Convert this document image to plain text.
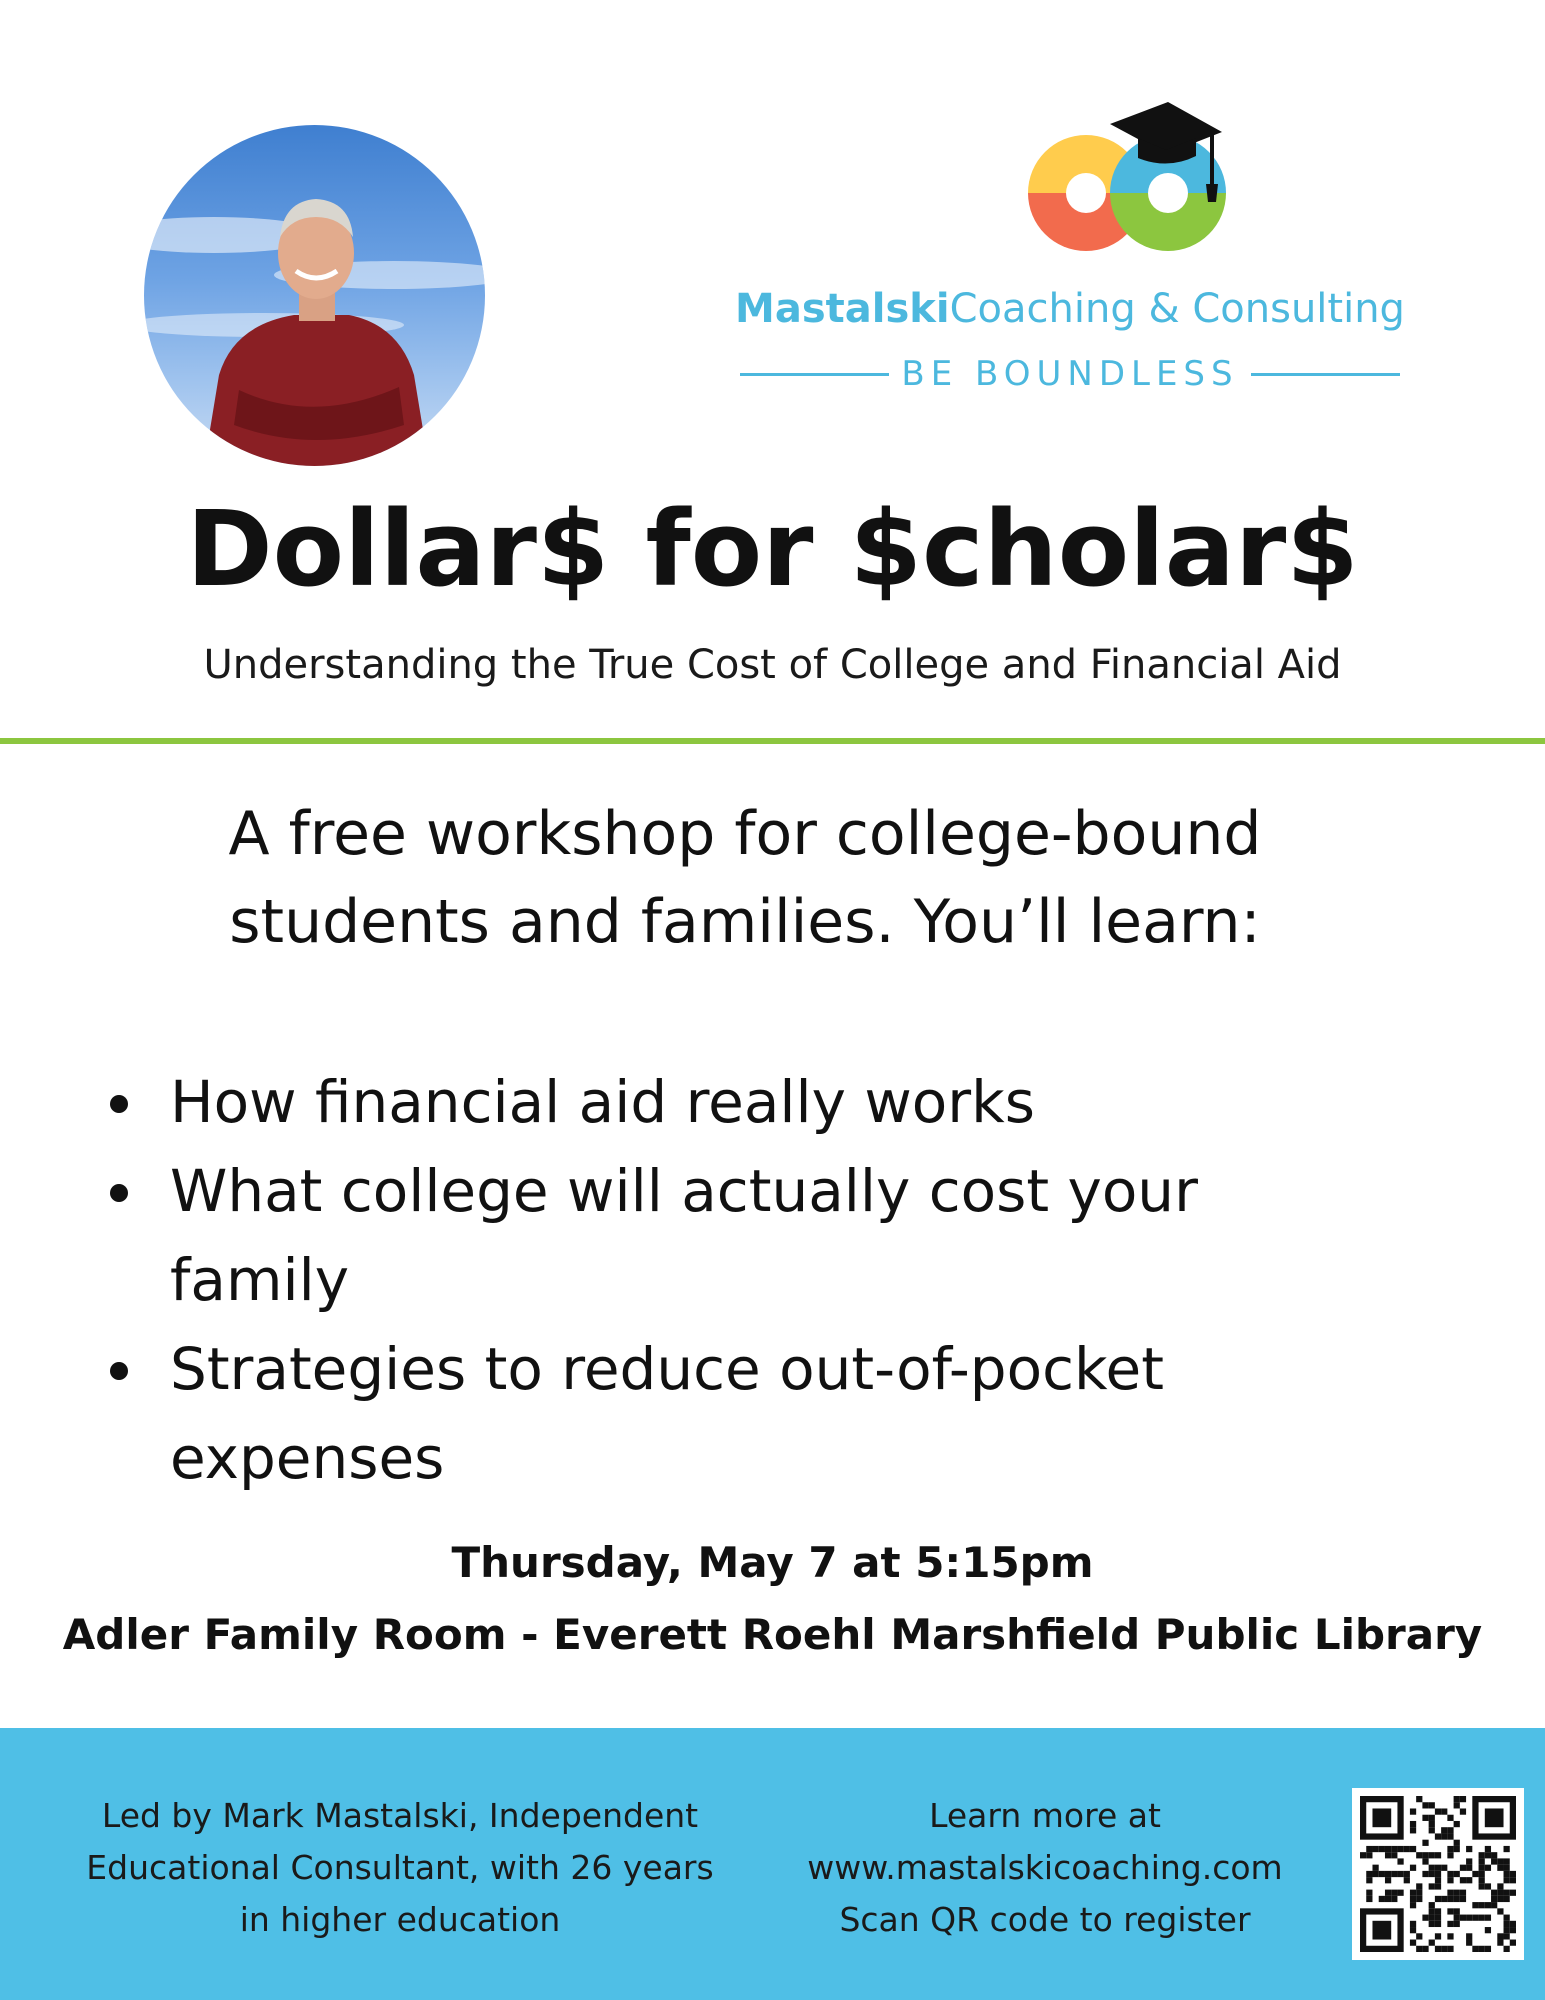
MastalskiCoaching & Consulting
BE BOUNDLESS
Dollar$ for $cholar$
Understanding the True Cost of College and Financial Aid
A free workshop for college-bound
students and families. You’ll learn:
How financial aid really works
What college will actually cost your
family
Strategies to reduce out-of-pocket
expenses
Thursday, May 7 at 5:15pm
Adler Family Room - Everett Roehl Marshfield Public Library
Led by Mark Mastalski, Independent
Educational Consultant, with 26 years
in higher education
Learn more at
www.mastalskicoaching.com
Scan QR code to register
